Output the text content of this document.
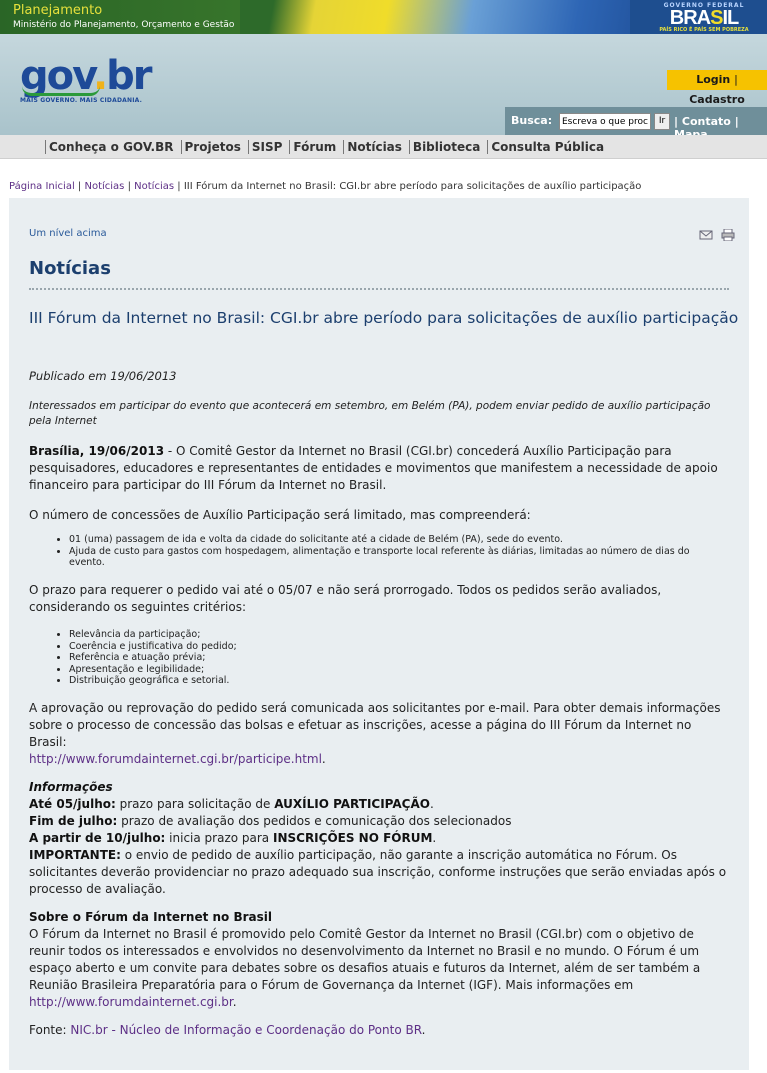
Planejamento
Ministério do Planejamento, Orçamento e Gestão
GOVERNO FEDERAL
BRASIL
PAÍS RICO É PAÍS SEM POBREZA
gov.br
MAIS GOVERNO. MAIS CIDADANIA.
Login | Cadastro
Busca:
Escreva o que procura	Ir | Contato |
Conheça o GOV.BR Projetos SISP Fórum Notícias Biblioteca Consulta Pública
Página Inicial | Notícias | Notícias | III Fórum da Internet no Brasil: CGI.br abre período para solicitações de auxílio participação
Um nível acima

Notícias
III Fórum da Internet no Brasil: CGI.br abre período para solicitações de auxílio participação
Publicado em 19/06/2013
Interessados em participar do evento que acontecerá em setembro, em Belém (PA), podem enviar pedido de auxílio participação pela Internet
Brasília, 19/06/2013 - O Comitê Gestor da Internet no Brasil (CGI.br) concederá Auxílio Participação para pesquisadores, educadores e representantes de entidades e movimentos que manifestem a necessidade de apoio financeiro para participar do III Fórum da Internet no Brasil.
O número de concessões de Auxílio Participação será limitado, mas compreenderá:
• 01 (uma) passagem de ida e volta da cidade do solicitante até a cidade de Belém (PA), sede do evento.
• Ajuda de custo para gastos com hospedagem, alimentação e transporte local referente às diárias, limitadas ao número de dias do evento.
O prazo para requerer o pedido vai até o 05/07 e não será prorrogado. Todos os pedidos serão avaliados, considerando os seguintes critérios:
• Relevância da participação;
• Coerência e justificativa do pedido;
• Referência e atuação prévia;
• Apresentação e legibilidade;
• Distribuição geográfica e setorial.
A aprovação ou reprovação do pedido será comunicada aos solicitantes por e-mail. Para obter demais informações sobre o processo de concessão das bolsas e efetuar as inscrições, acesse a página do III Fórum da Internet no Brasil:
http://www.forumdainternet.cgi.br/participe.html.
Informações
Até 05/julho: prazo para solicitação de AUXÍLIO PARTICIPAÇÃO.
Fim de julho: prazo de avaliação dos pedidos e comunicação dos selecionados
A partir de 10/julho: inicia prazo para INSCRIÇÕES NO FÓRUM.
IMPORTANTE: o envio de pedido de auxílio participação, não garante a inscrição automática no Fórum. Os solicitantes deverão providenciar no prazo adequado sua inscrição, conforme instruções que serão enviadas após o processo de avaliação.
Sobre o Fórum da Internet no Brasil
O Fórum da Internet no Brasil é promovido pelo Comitê Gestor da Internet no Brasil (CGI.br) com o objetivo de reunir todos os interessados e envolvidos no desenvolvimento da Internet no Brasil e no mundo. O Fórum é um espaço aberto e um convite para debates sobre os desafios atuais e futuros da Internet, além de ser também a Reunião Brasileira Preparatória para o Fórum de Governança da Internet (IGF). Mais informações em http://www.forumdainternet.cgi.br.
Fonte: NIC.br - Núcleo de Informação e Coordenação do Ponto BR.
